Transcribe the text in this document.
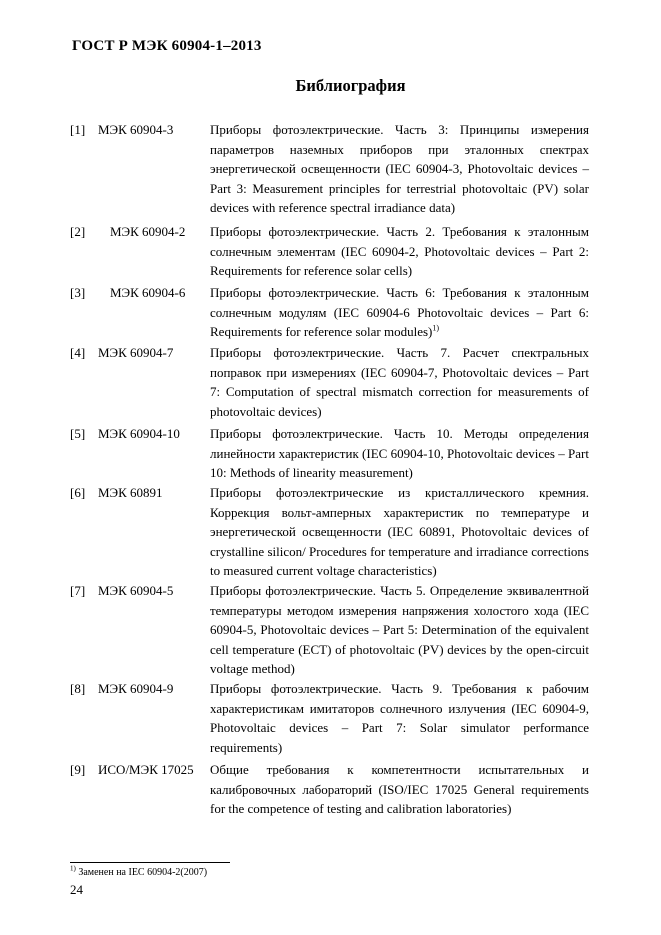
ГОСТ Р МЭК 60904-1–2013
Библиография
[1] МЭК 60904-3	Приборы фотоэлектрические. Часть 3: Принципы измерения параметров наземных приборов при эталонных спектрах энергетической освещенности (IEC 60904-3, Photovoltaic devices – Part 3: Measurement principles for terrestrial photovoltaic (PV) solar devices with reference spectral irradiance data)
[2] МЭК 60904-2 Приборы фотоэлектрические. Часть 2. Требования к эталонным солнечным элементам (IEC 60904-2, Photovoltaic devices – Part 2: Requirements for reference solar cells)
[3] МЭК 60904-6 Приборы фотоэлектрические. Часть 6: Требования к эталонным солнечным модулям (IEC 60904-6 Photovoltaic devices – Part 6: Requirements for reference solar modules)$^{1)}$
[4] МЭК 60904-7	Приборы фотоэлектрические. Часть 7. Расчет спектральных поправок при измерениях (IEC 60904-7, Photovoltaic devices – Part 7: Computation of spectral mismatch correction for measurements of photovoltaic devices)
[5] МЭК 60904-10 Приборы фотоэлектрические. Часть 10. Методы определения линейности характеристик (IEC 60904-10, Photovoltaic devices – Part 10: Methods of linearity measurement)
[6] МЭК 60891	Приборы фотоэлектрические из кристаллического кремния. Коррекция вольт-амперных характеристик по температуре и энергетической освещенности (IEC 60891, Photovoltaic devices of crystalline silicon/ Procedures for temperature and irradiance corrections to measured current voltage characteristics)
[7] МЭК 60904-5	Приборы фотоэлектрические. Часть 5. Определение эквивалентной температуры методом измерения напряжения холостого хода (IEC 60904-5, Photovoltaic devices – Part 5: Determination of the equivalent cell temperature (ECT) of photovoltaic (PV) devices by the open-circuit voltage method)
[8] МЭК 60904-9	Приборы фотоэлектрические. Часть 9. Требования к рабочим характеристикам имитаторов солнечного излучения (IEC 60904-9, Photovoltaic devices – Part 7: Solar simulator performance requirements)
[9] ИСО/МЭК 17025 Общие требования к компетентности испытательных и калибровочных лабораторий (ISO/IEC 17025 General requirements for the competence of testing and calibration laboratories)
$^{1)}$ Заменен на IEC 60904-2(2007)
24
